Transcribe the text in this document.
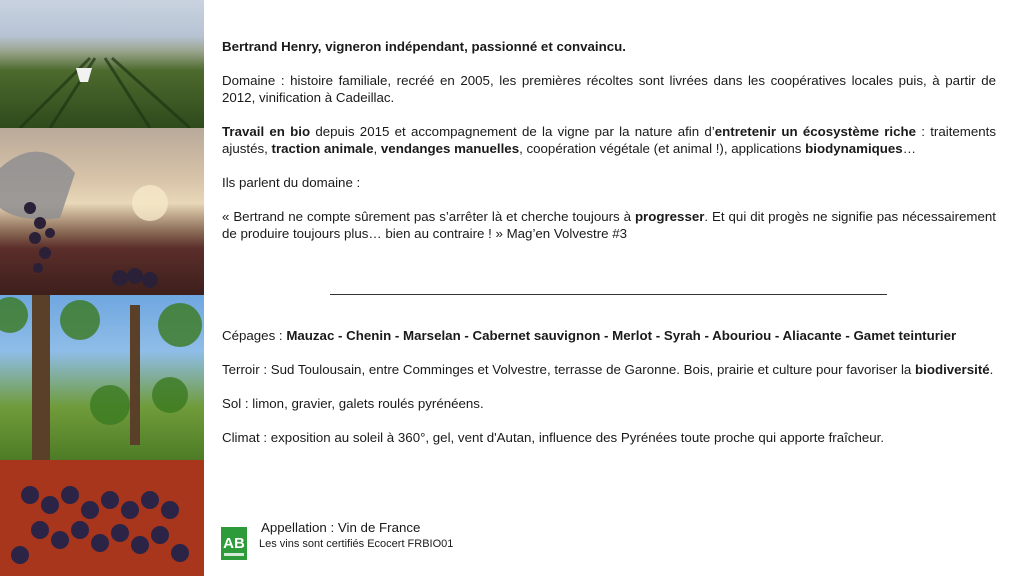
Bertrand Henry, vigneron indépendant, passionné et convaincu.

Domaine : histoire familiale, recréé en 2005, les premières récoltes sont livrées dans les coopératives locales puis, à partir de 2012, vinification à Cadeillac.

Travail en bio depuis 2015 et accompagnement de la vigne par la nature afin d’entretenir un écosystème riche : traitements ajustés, traction animale, vendanges manuelles, coopération végétale (et animal !), applications biodynamiques…

Ils parlent du domaine :

« Bertrand ne compte sûrement pas s’arrêter là et cherche toujours à progresser. Et qui dit progès ne signifie pas nécessairement de produire toujours plus… bien au contraire ! » Mag’en Volvestre #3

Cépages : Mauzac - Chenin - Marselan - Cabernet sauvignon - Merlot - Syrah - Abouriou - Aliacante - Gamet teinturier

Terroir : Sud Toulousain, entre Comminges et Volvestre, terrasse de Garonne. Bois, prairie et culture pour favoriser la biodiversité.

Sol : limon, gravier, galets roulés pyrénéens.

Climat : exposition au soleil à 360°, gel, vent d'Autan, influence des Pyrénées toute proche qui apporte fraîcheur.

AB
Appellation : Vin de France
Les vins sont certifiés Ecocert FRBIO01
